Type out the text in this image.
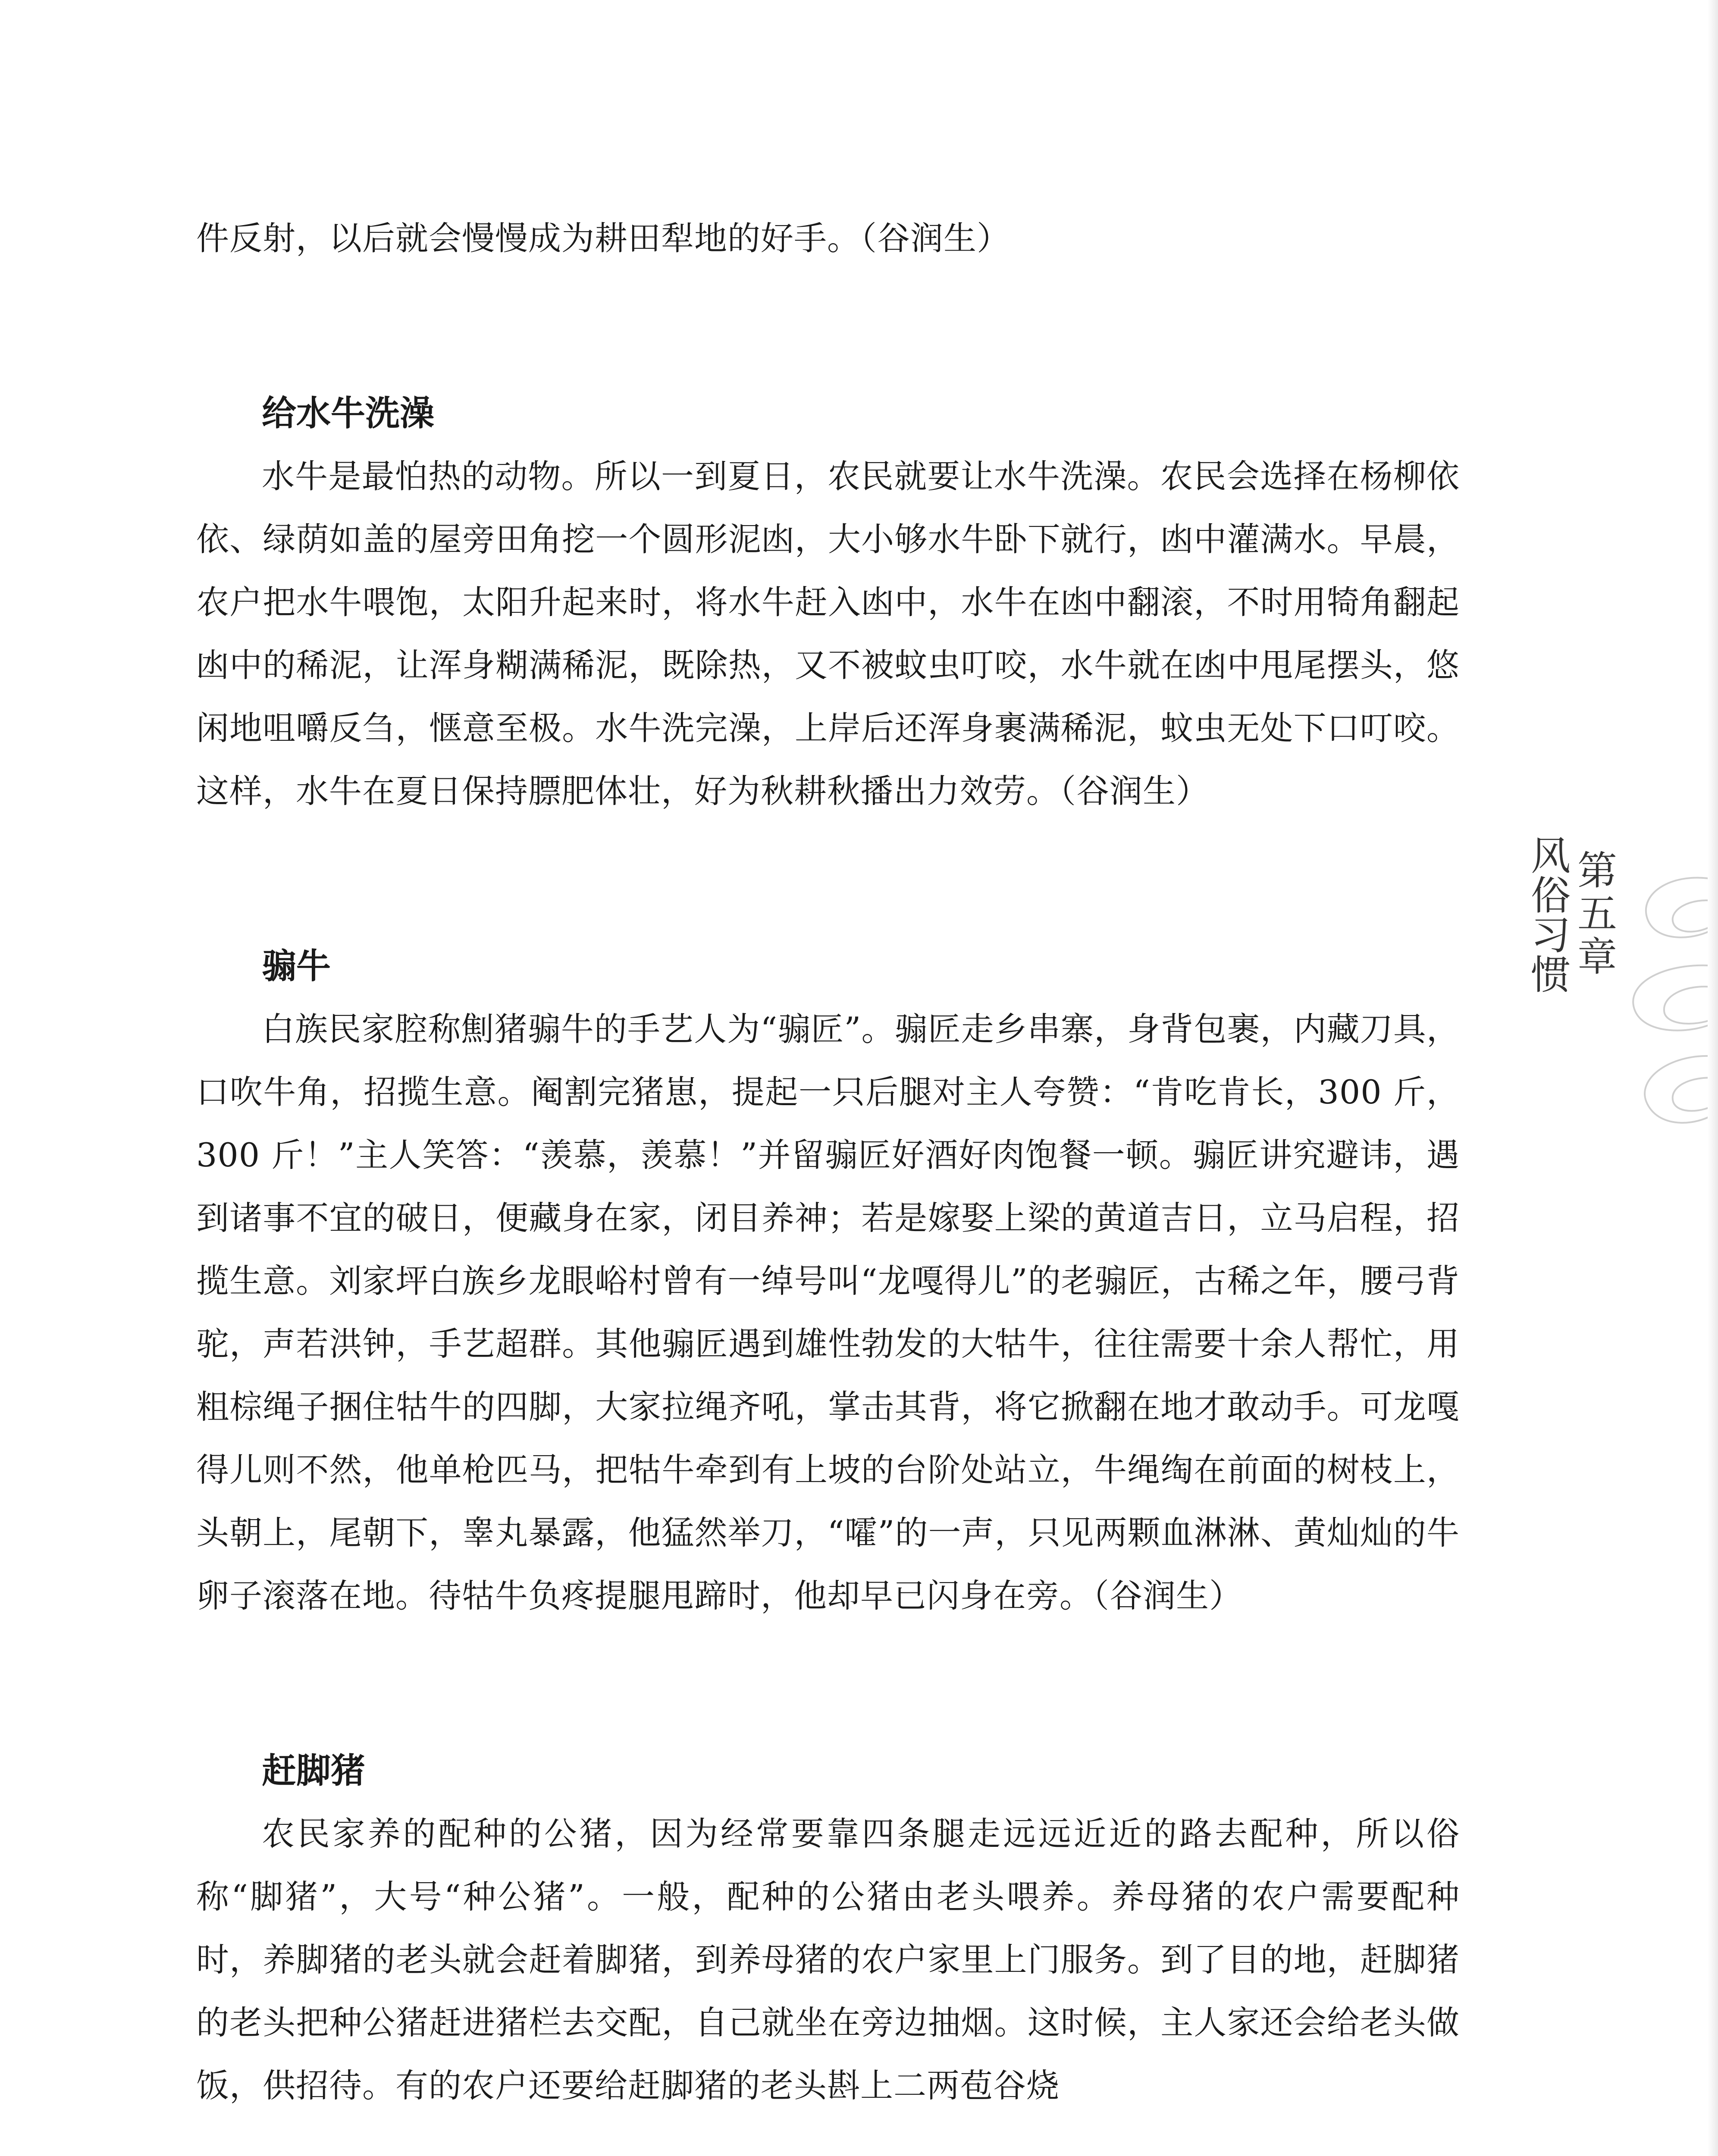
件反射，以后就会慢慢成为耕田犁地的好手。（谷润生）

给水牛洗澡

水牛是最怕热的动物。所以一到夏日，农民就要让水牛洗澡。农民会选择在杨柳依依、绿荫如盖的屋旁田角挖一个圆形泥凼，大小够水牛卧下就行，凼中灌满水。早晨，农户把水牛喂饱，太阳升起来时，将水牛赶入凼中，水牛在凼中翻滚，不时用犄角翻起凼中的稀泥，让浑身糊满稀泥，既除热，又不被蚊虫叮咬，水牛就在凼中甩尾摆头，悠闲地咀嚼反刍，惬意至极。水牛洗完澡，上岸后还浑身裹满稀泥，蚊虫无处下口叮咬。这样，水牛在夏日保持膘肥体壮，好为秋耕秋播出力效劳。（谷润生）

骟牛

白族民家腔称劁猪骟牛的手艺人为“骟匠”。骟匠走乡串寨，身背包裹，内藏刀具，口吹牛角，招揽生意。阉割完猪崽，提起一只后腿对主人夸赞：“肯吃肯长，300 斤，300 斤！”主人笑答：“羡慕，羡慕！”并留骟匠好酒好肉饱餐一顿。骟匠讲究避讳，遇到诸事不宜的破日，便藏身在家，闭目养神；若是嫁娶上梁的黄道吉日，立马启程，招揽生意。刘家坪白族乡龙眼峪村曾有一绰号叫“龙嘎得儿”的老骟匠，古稀之年，腰弓背驼，声若洪钟，手艺超群。其他骟匠遇到雄性勃发的大牯牛，往往需要十余人帮忙，用粗棕绳子捆住牯牛的四脚，大家拉绳齐吼，掌击其背，将它掀翻在地才敢动手。可龙嘎得儿则不然，他单枪匹马，把牯牛牵到有上坡的台阶处站立，牛绳绹在前面的树枝上，头朝上，尾朝下，睾丸暴露，他猛然举刀，“嚯”的一声，只见两颗血淋淋、黄灿灿的牛卵子滚落在地。待牯牛负疼提腿甩蹄时，他却早已闪身在旁。（谷润生）

赶脚猪

农民家养的配种的公猪，因为经常要靠四条腿走远远近近的路去配种，所以俗称“脚猪”，大号“种公猪”。一般，配种的公猪由老头喂养。养母猪的农户需要配种时，养脚猪的老头就会赶着脚猪，到养母猪的农户家里上门服务。到了目的地，赶脚猪的老头把种公猪赶进猪栏去交配，自己就坐在旁边抽烟。这时候，主人家还会给老头做饭，供招待。有的农户还要给赶脚猪的老头斟上二两苞谷烧

第五章
风俗习惯
